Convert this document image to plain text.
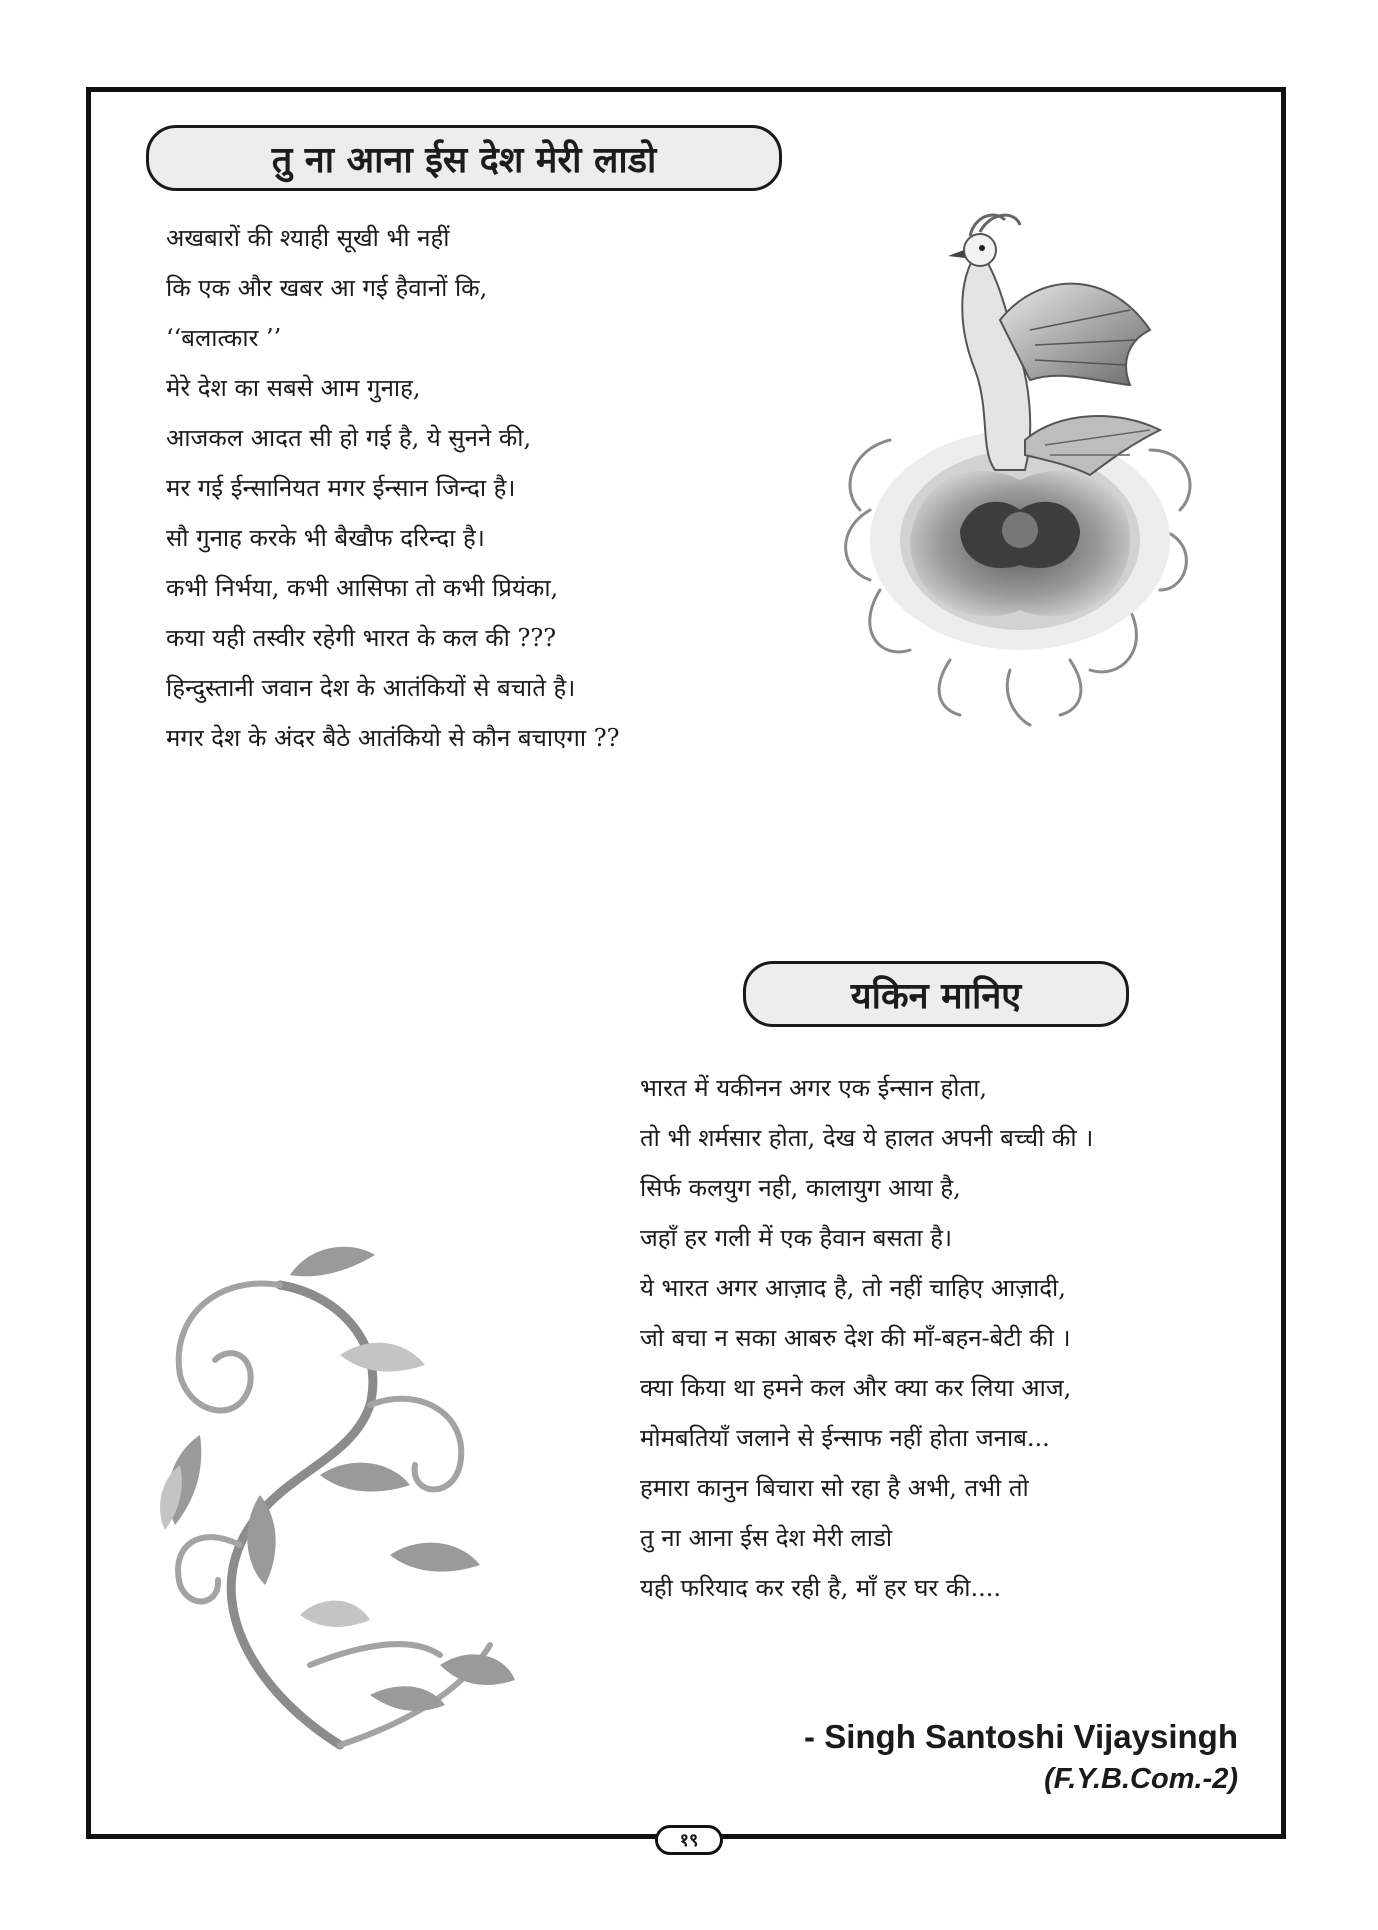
तु ना आना ईस देश मेरी लाडो
अखबारों की श्याही सूखी भी नहीं
कि एक और खबर आ गई हैवानों कि,
‘‘बलात्कार ’’
मेरे देश का सबसे आम गुनाह,
आजकल आदत सी हो गई है, ये सुनने की,
मर गई ईन्सानियत मगर ईन्सान जिन्दा है।
सौ गुनाह करके भी बैखौफ दरिन्दा है।
कभी निर्भया, कभी आसिफा तो कभी प्रियंका,
कया यही तस्वीर रहेगी भारत के कल की ???
हिन्दुस्तानी जवान देश के आतंकियों से बचाते है।
मगर देश के अंदर बैठे आतंकियो से कौन बचाएगा ??
यकिन मानिए
भारत में यकीनन अगर एक ईन्सान होता,
तो भी शर्मसार होता, देख ये हालत अपनी बच्ची की ।
सिर्फ कलयुग नही, कालायुग आया है,
जहाँ हर गली में एक हैवान बसता है।
ये भारत अगर आज़ाद है, तो नहीं चाहिए आज़ादी,
जो बचा न सका आबरु देश की माँ-बहन-बेटी की ।
क्या किया था हमने कल और क्या कर लिया आज,
मोमबतियाँ जलाने से ईन्साफ नहीं होता जनाब...
हमारा कानुन बिचारा सो रहा है अभी, तभी तो
तु ना आना ईस देश मेरी लाडो
यही फरियाद कर रही है, माँ हर घर की....
- Singh Santoshi Vijaysingh
(F.Y.B.Com.-2)
१९
